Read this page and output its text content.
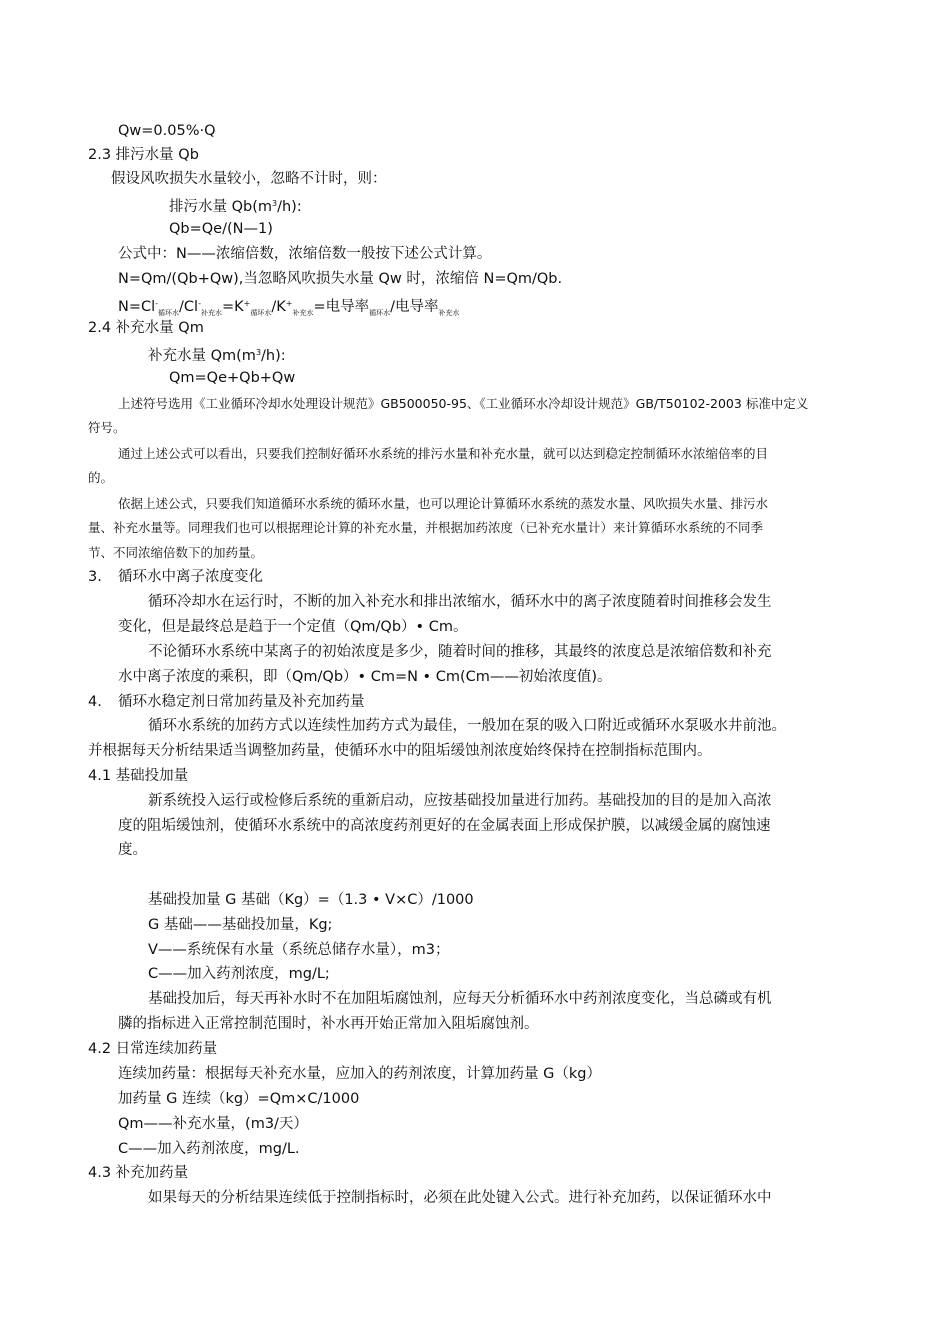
Qw=0.05%·Q
2.3 排污水量 Qb
假设风吹损失水量较小，忽略不计时，则：
排污水量 $Qb(m^3/h)$:
Qb=Qe/(N—1)
公式中：N——浓缩倍数，浓缩倍数一般按下述公式计算。
N=Qm/(Qb+Qw),当忽略风吹损失水量 Qw 时，浓缩倍 N=Qm/Qb.
$N=Cl^-_{循环水}/Cl^-_{补充水}=K^+_{循环水}/K^+_{补充水}=$电导率$_{循环水}$/电导率$_{补充水}$
2.4 补充水量 Qm
补充水量 $Qm(m^3/h)$:
Qm=Qe+Qb+Qw
上述符号选用《工业循环冷却水处理设计规范》GB500050-95、《工业循环水冷却设计规范》GB/T50102-2003 标准中定义
符号。
通过上述公式可以看出，只要我们控制好循环水系统的排污水量和补充水量，就可以达到稳定控制循环水浓缩倍率的目
的。
依据上述公式，只要我们知道循环水系统的循环水量，也可以理论计算循环水系统的蒸发水量、风吹损失水量、排污水
量、补充水量等。同理我们也可以根据理论计算的补充水量，并根据加药浓度（已补充水量计）来计算循环水系统的不同季
节、不同浓缩倍数下的加药量。
3. 循环水中离子浓度变化
循环冷却水在运行时，不断的加入补充水和排出浓缩水，循环水中的离子浓度随着时间推移会发生
变化，但是最终总是趋于一个定值（Qm/Qb）• Cm。
不论循环水系统中某离子的初始浓度是多少，随着时间的推移，其最终的浓度总是浓缩倍数和补充
水中离子浓度的乘积，即（Qm/Qb）• Cm=N • Cm(Cm——初始浓度值)。
4. 循环水稳定剂日常加药量及补充加药量
循环水系统的加药方式以连续性加药方式为最佳，一般加在泵的吸入口附近或循环水泵吸水井前池。
并根据每天分析结果适当调整加药量，使循环水中的阻垢缓蚀剂浓度始终保持在控制指标范围内。
4.1 基础投加量
新系统投入运行或检修后系统的重新启动，应按基础投加量进行加药。基础投加的目的是加入高浓
度的阻垢缓蚀剂，使循环水系统中的高浓度药剂更好的在金属表面上形成保护膜，以减缓金属的腐蚀速
度。
基础投加量 G 基础（Kg）=（1.3 • V×C）/1000
G 基础——基础投加量，Kg;
V——系统保有水量（系统总储存水量），m3；
C——加入药剂浓度，mg/L;
基础投加后，每天再补水时不在加阻垢腐蚀剂，应每天分析循环水中药剂浓度变化，当总磷或有机
膦的指标进入正常控制范围时，补水再开始正常加入阻垢腐蚀剂。
4.2 日常连续加药量
连续加药量：根据每天补充水量，应加入的药剂浓度，计算加药量 G（kg）
加药量 G 连续（kg）=Qm×C/1000
Qm——补充水量，(m3/天）
C——加入药剂浓度，mg/L.
4.3 补充加药量
如果每天的分析结果连续低于控制指标时，必须在此处键入公式。进行补充加药，以保证循环水中
